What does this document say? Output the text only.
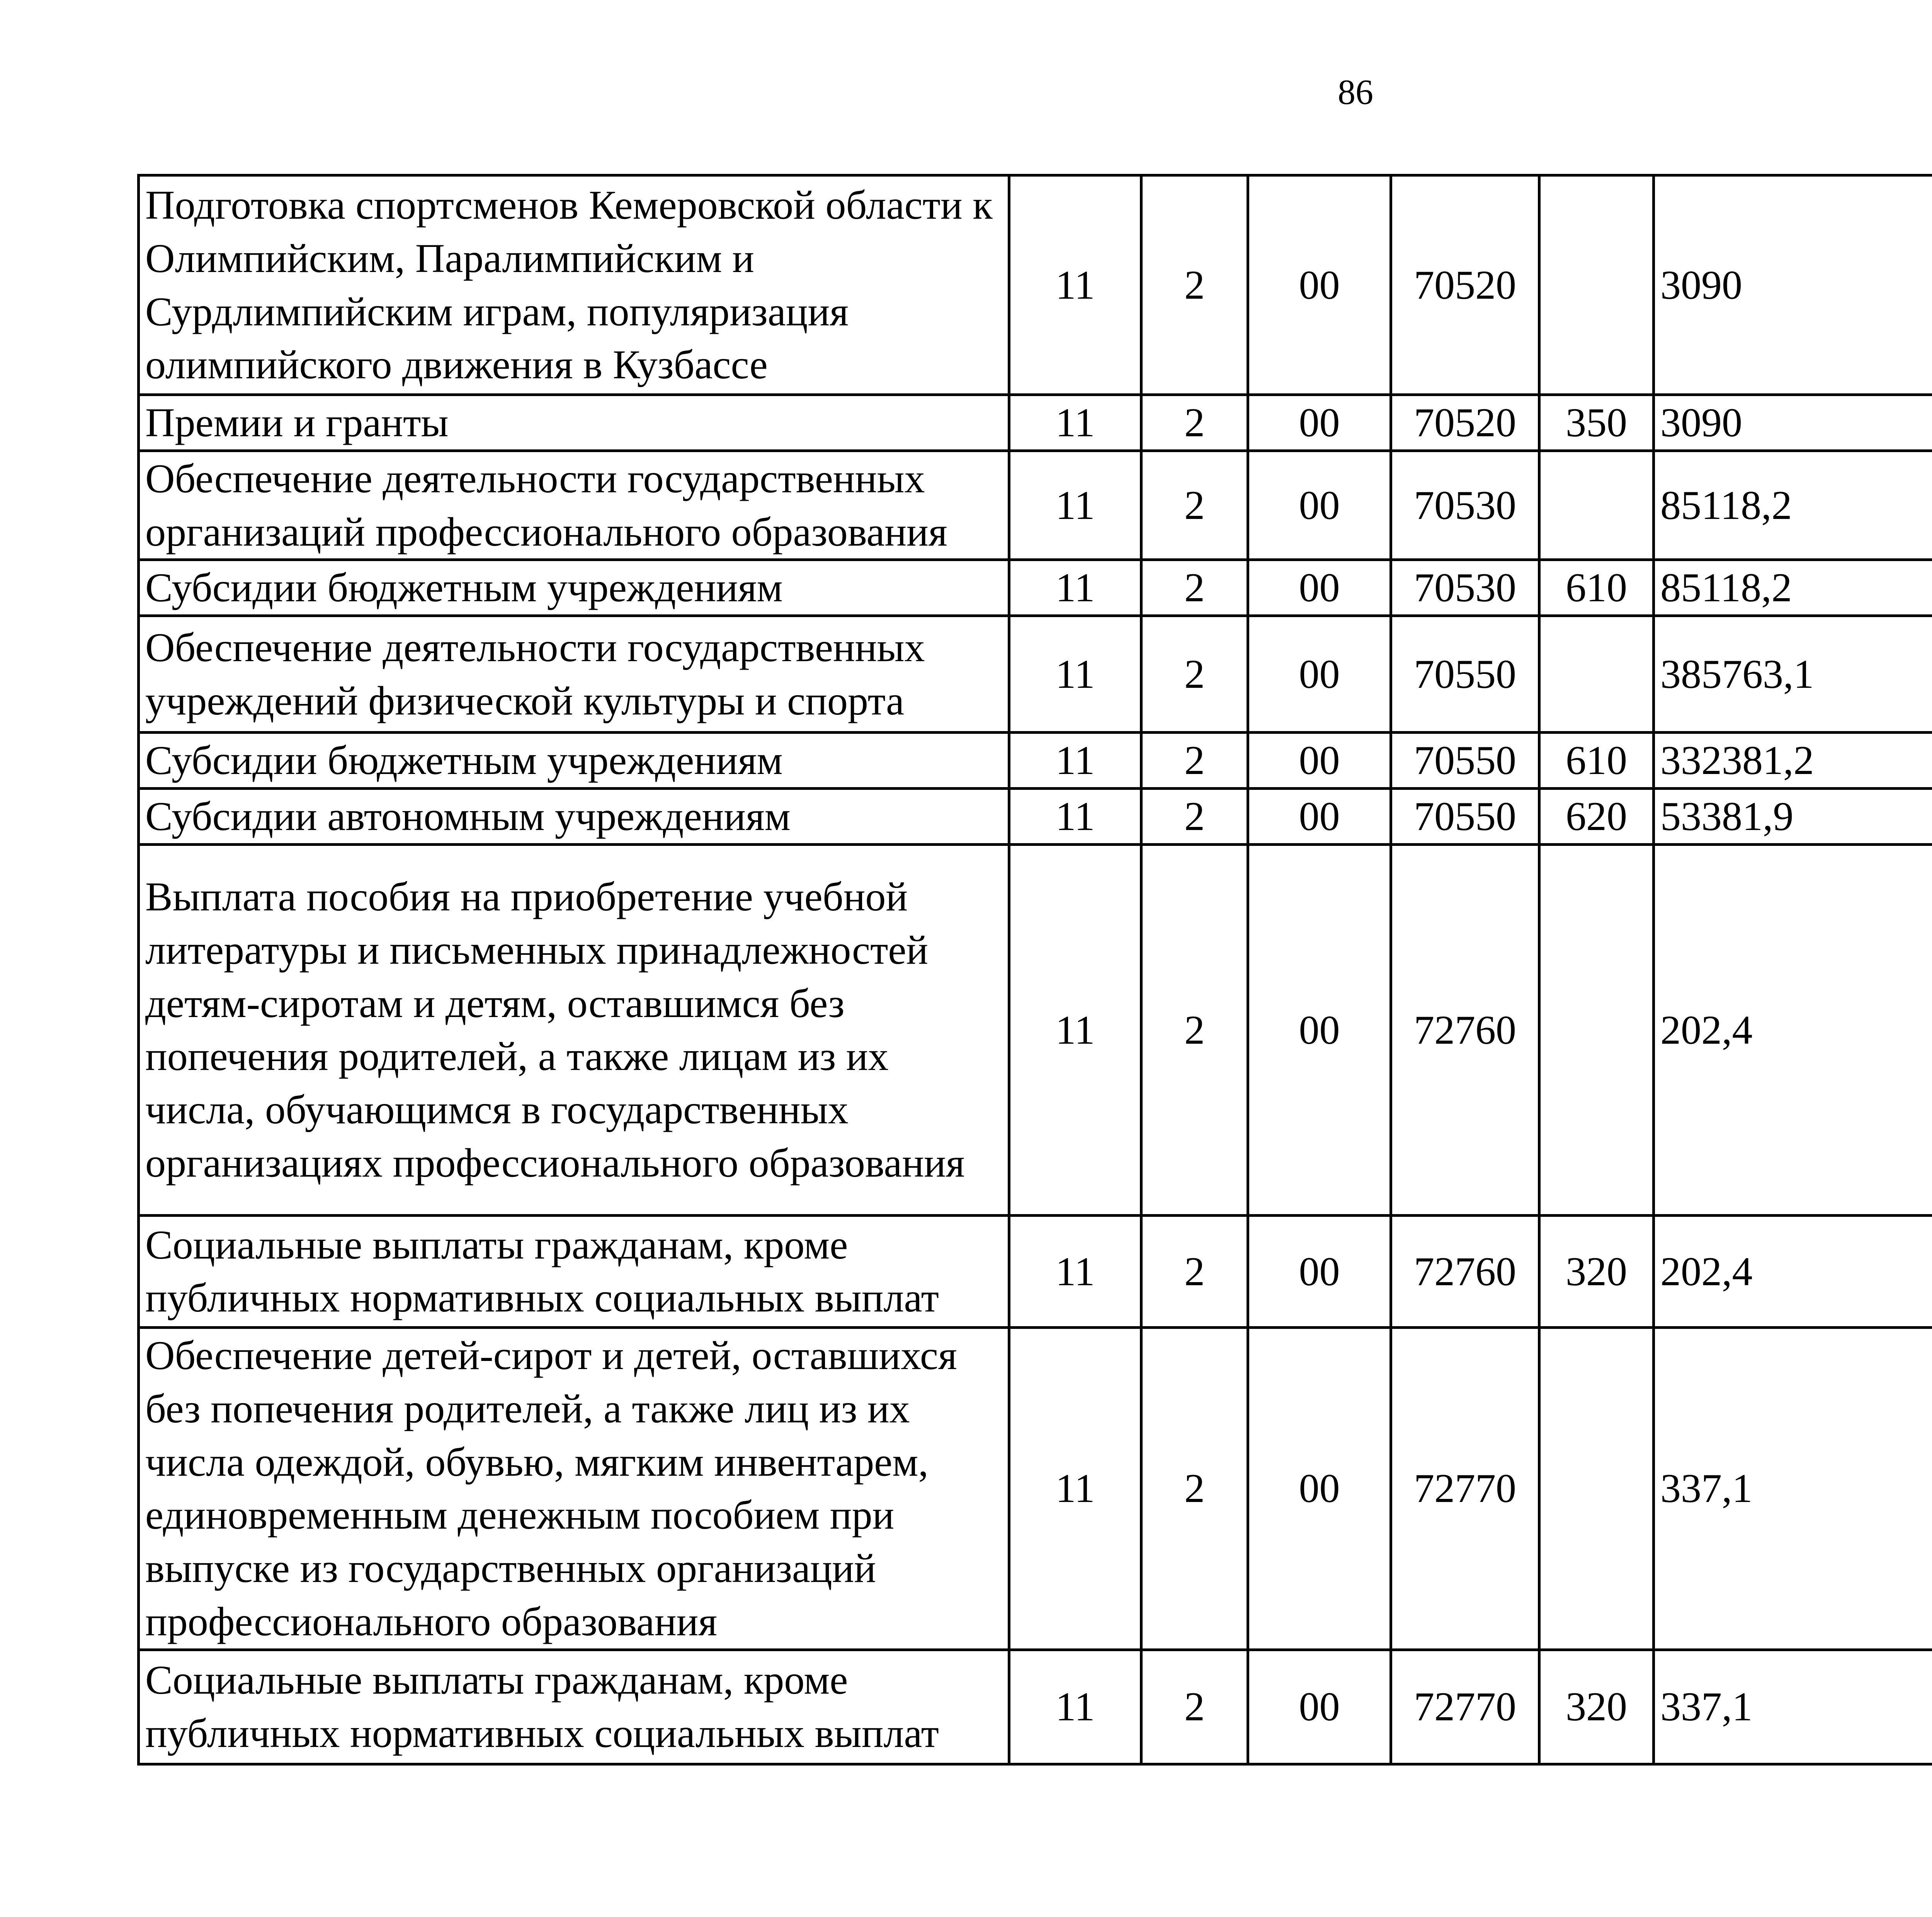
86
Подготовка спортсменов Кемеровской области к Олимпийским, Паралимпийским и Сурдлимпийским играм, популяризация олимпийского движения в Кузбассе	11	2	00	70520		3090		
Премии и гранты	11	2	00	70520	350	3090		
Обеспечение деятельности государственных организаций профессионального образования	11	2	00	70530		85118,2		
Субсидии бюджетным учреждениям	11	2	00	70530	610	85118,2		
Обеспечение деятельности государственных учреждений физической культуры и спорта	11	2	00	70550		385763,1		
Субсидии бюджетным учреждениям	11	2	00	70550	610	332381,2		
Субсидии автономным учреждениям	11	2	00	70550	620	53381,9		
Выплата пособия на приобретение учебной литературы и письменных принадлежностей детям-сиротам и детям, оставшимся без попечения родителей, а также лицам из их числа, обучающимся в государственных организациях профессионального образования	11	2	00	72760		202,4		
Социальные выплаты гражданам, кроме публичных нормативных социальных выплат	11	2	00	72760	320	202,4		
Обеспечение детей-сирот и детей, оставшихся без попечения родителей, а также лиц из их числа одеждой, обувью, мягким инвентарем, единовременным денежным пособием при выпуске из государственных организаций профессионального образования	11	2	00	72770		337,1		
Социальные выплаты гражданам, кроме публичных нормативных социальных выплат	11	2	00	72770	320	337,1		
